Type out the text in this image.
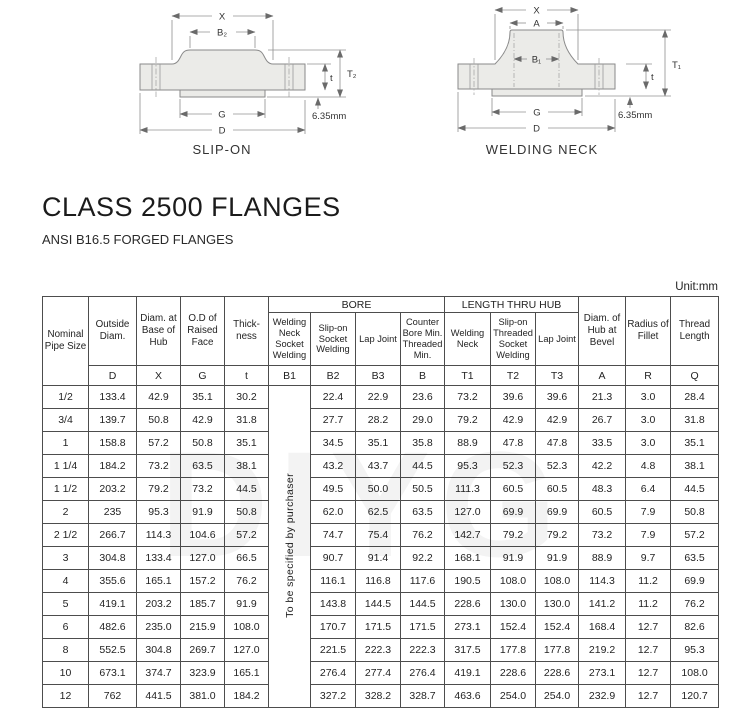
X
B₂
T₂
t
G
D
6.35mm
SLIP-ON
X
A
B₁	T₁
t
G
D
6.35mm
WELDING NECK
CLASS 2500 FLANGES
ANSI B16.5 FORGED FLANGES
Unit:mm
Nominal Pipe Size	Outside Diam.	Diam. at Base of Hub	O.D of Raised Face	Thick-ness	BORE				LENGTH THRU HUB			Diam. of Hub at Bevel	Radius of Fillet	Thread Length
					Welding Neck Socket Welding	Slip-on Socket Welding	Lap Joint	Counter Bore Min. Threaded Min.	Welding Neck	Slip-on Threaded Socket Welding	Lap Joint			
	D	X	G	t	B1	B2	B3	B	T1	T2	T3	A	R	Q
1/2	133.4	42.9	35.1	30.2	To be specified by purchaser	22.4	22.9	23.6	73.2	39.6	39.6	21.3	3.0	28.4
3/4	139.7	50.8	42.9	31.8		27.7	28.2	29.0	79.2	42.9	42.9	26.7	3.0	31.8
1	158.8	57.2	50.8	35.1		34.5	35.1	35.8	88.9	47.8	47.8	33.5	3.0	35.1
1 1/4	184.2	73.2	63.5	38.1		43.2	43.7	44.5	95.3	52.3	52.3	42.2	4.8	38.1
1 1/2	203.2	79.2	73.2	44.5		49.5	50.0	50.5	111.3	60.5	60.5	48.3	6.4	44.5
2	235	95.3	91.9	50.8		62.0	62.5	63.5	127.0	69.9	69.9	60.5	7.9	50.8
2 1/2	266.7	114.3	104.6	57.2		74.7	75.4	76.2	142.7	79.2	79.2	73.2	7.9	57.2
3	304.8	133.4	127.0	66.5		90.7	91.4	92.2	168.1	91.9	91.9	88.9	9.7	63.5
4	355.6	165.1	157.2	76.2		116.1	116.8	117.6	190.5	108.0	108.0	114.3	11.2	69.9
5	419.1	203.2	185.7	91.9		143.8	144.5	144.5	228.6	130.0	130.0	141.2	11.2	76.2
6	482.6	235.0	215.9	108.0		170.7	171.5	171.5	273.1	152.4	152.4	168.4	12.7	82.6
8	552.5	304.8	269.7	127.0		221.5	222.3	222.3	317.5	177.8	177.8	219.2	12.7	95.3
10	673.1	374.7	323.9	165.1		276.4	277.4	276.4	419.1	228.6	228.6	273.1	12.7	108.0
12	762	441.5	381.0	184.2		327.2	328.2	328.7	463.6	254.0	254.0	232.9	12.7	120.7
